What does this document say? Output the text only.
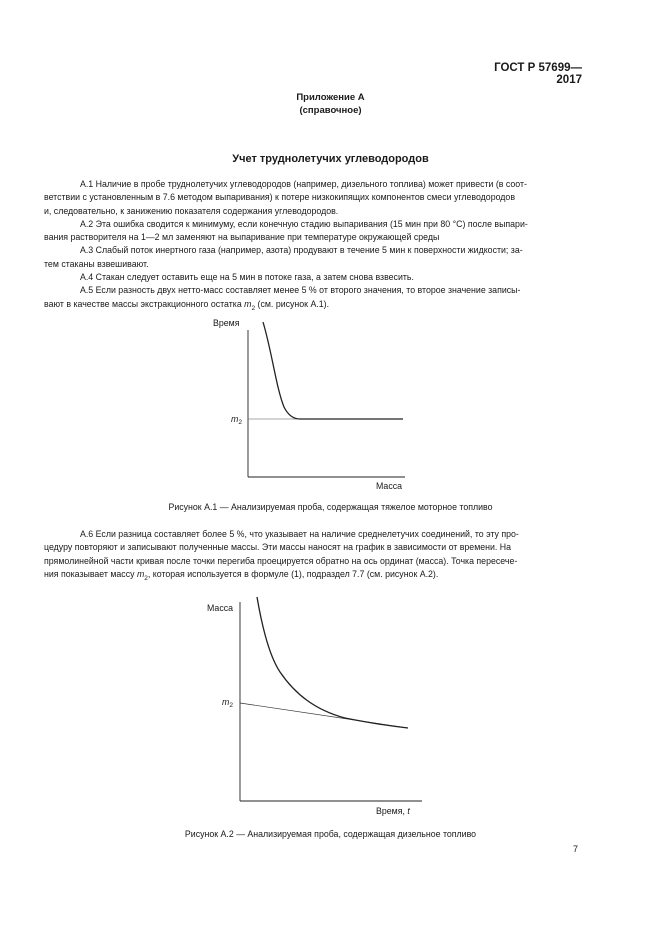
ГОСТ Р 57699—2017
Приложение А
(справочное)
Учет труднолетучих углеводородов
А.1 Наличие в пробе труднолетучих углеводородов (например, дизельного топлива) может привести (в соот-
ветствии с установленным в 7.6 методом выпаривания) к потере низкокипящих компонентов смеси углеводородов
и, следовательно, к занижению показателя содержания углеводородов.
А.2 Эта ошибка сводится к минимуму, если конечную стадию выпаривания (15 мин при 80 °С) после выпари-
вания растворителя на 1—2 мл заменяют на выпаривание при температуре окружающей среды
А.3 Слабый поток инертного газа (например, азота) продувают в течение 5 мин к поверхности жидкости; за-
тем стаканы взвешивают.
А.4 Стакан следует оставить еще на 5 мин в потоке газа, а затем снова взвесить.
А.5 Если разность двух нетто-масс составляет менее 5 % от второго значения, то второе значение записы-
вают в качестве массы экстракционного остатка $m_2$ (см. рисунок А.1).
Время
$m_2$
Масса
Рисунок А.1 — Анализируемая проба, содержащая тяжелое моторное топливо
А.6 Если разница составляет более 5 %, что указывает на наличие среднелетучих соединений, то эту про-
цедуру повторяют и записывают полученные массы. Эти массы наносят на график в зависимости от времени. На
прямолинейной части кривая после точки перегиба проецируется обратно на ось ординат (масса). Точка пересече-
ния показывает массу $m_2$, которая используется в формуле (1), подраздел 7.7 (см. рисунок А.2).
Масса
$m_2$
Время, t
Рисунок А.2 — Анализируемая проба, содержащая дизельное топливо
7
